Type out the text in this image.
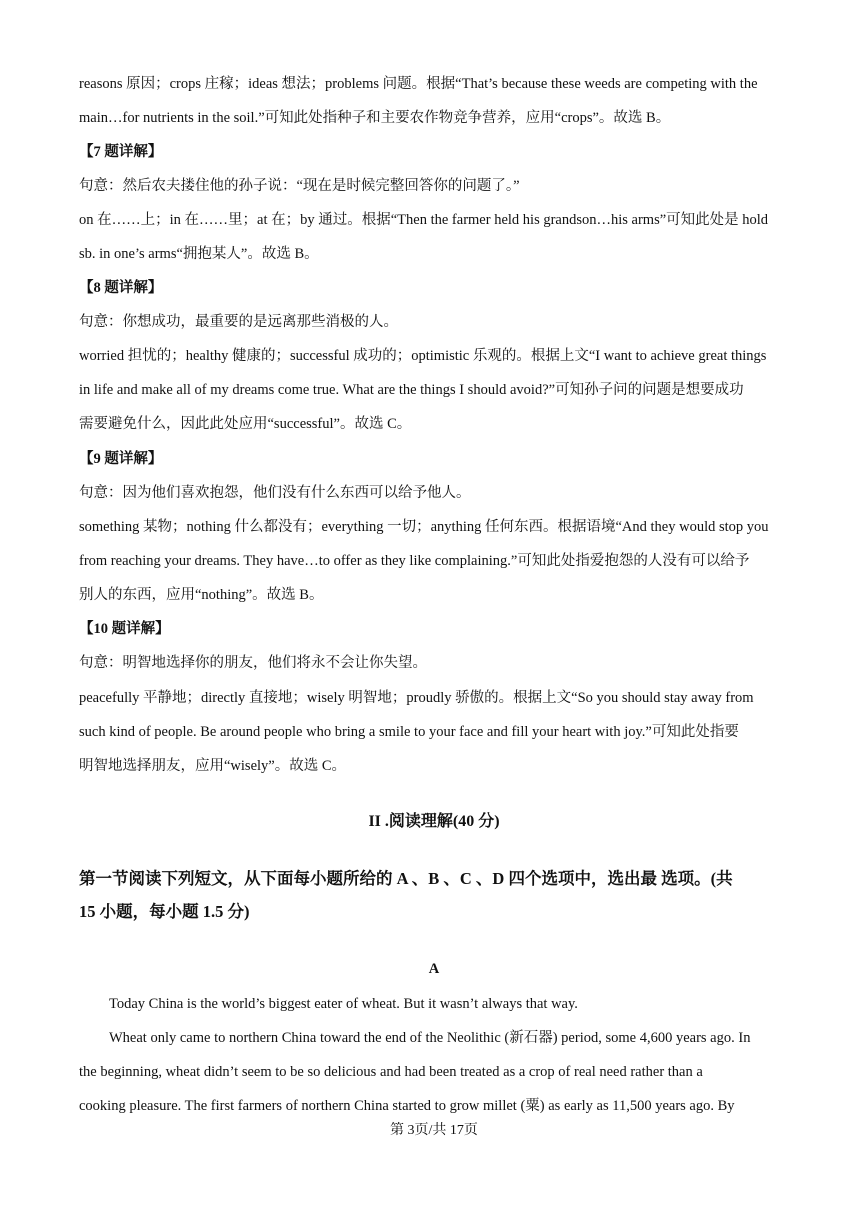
reasons 原因；crops 庄稼；ideas 想法；problems 问题。根据“That’s because these weeds are competing with the
main…for nutrients in the soil.”可知此处指种子和主要农作物竞争营养，应用“crops”。故选 B。
【7 题详解】
句意：然后农夫搂住他的孙子说：“现在是时候完整回答你的问题了。”
on 在……上；in 在……里；at 在；by 通过。根据“Then the farmer held his grandson…his arms”可知此处是 hold
sb. in one’s arms“拥抱某人”。故选 B。
【8 题详解】
句意：你想成功，最重要的是远离那些消极的人。
worried 担忧的；healthy 健康的；successful 成功的；optimistic 乐观的。根据上文“I want to achieve great things
in life and make all of my dreams come true. What are the things I should avoid?”可知孙子问的问题是想要成功
需要避免什么，因此此处应用“successful”。故选 C。
【9 题详解】
句意：因为他们喜欢抱怨，他们没有什么东西可以给予他人。
something 某物；nothing 什么都没有；everything 一切；anything 任何东西。根据语境“And they would stop you
from reaching your dreams. They have…to offer as they like complaining.”可知此处指爱抱怨的人没有可以给予
别人的东西，应用“nothing”。故选 B。
【10 题详解】
句意：明智地选择你的朋友，他们将永不会让你失望。
peacefully 平静地；directly 直接地；wisely 明智地；proudly 骄傲的。根据上文“So you should stay away from
such kind of people. Be around people who bring a smile to your face and fill your heart with joy.”可知此处指要
明智地选择朋友，应用“wisely”。故选 C。
II .阅读理解(40 分)
第一节阅读下列短文，从下面每小题所给的 A 、B 、C 、D 四个选项中，选出最 选项。(共
15 小题，每小题 1.5 分)
A
Today China is the world’s biggest eater of wheat. But it wasn’t always that way.
Wheat only came to northern China toward the end of the Neolithic (新石器) period, some 4,600 years ago. In
the beginning, wheat didn’t seem to be so delicious and had been treated as a crop of real need rather than a
cooking pleasure. The first farmers of northern China started to grow millet (粟) as early as 11,500 years ago. By
第 3页/共 17页
